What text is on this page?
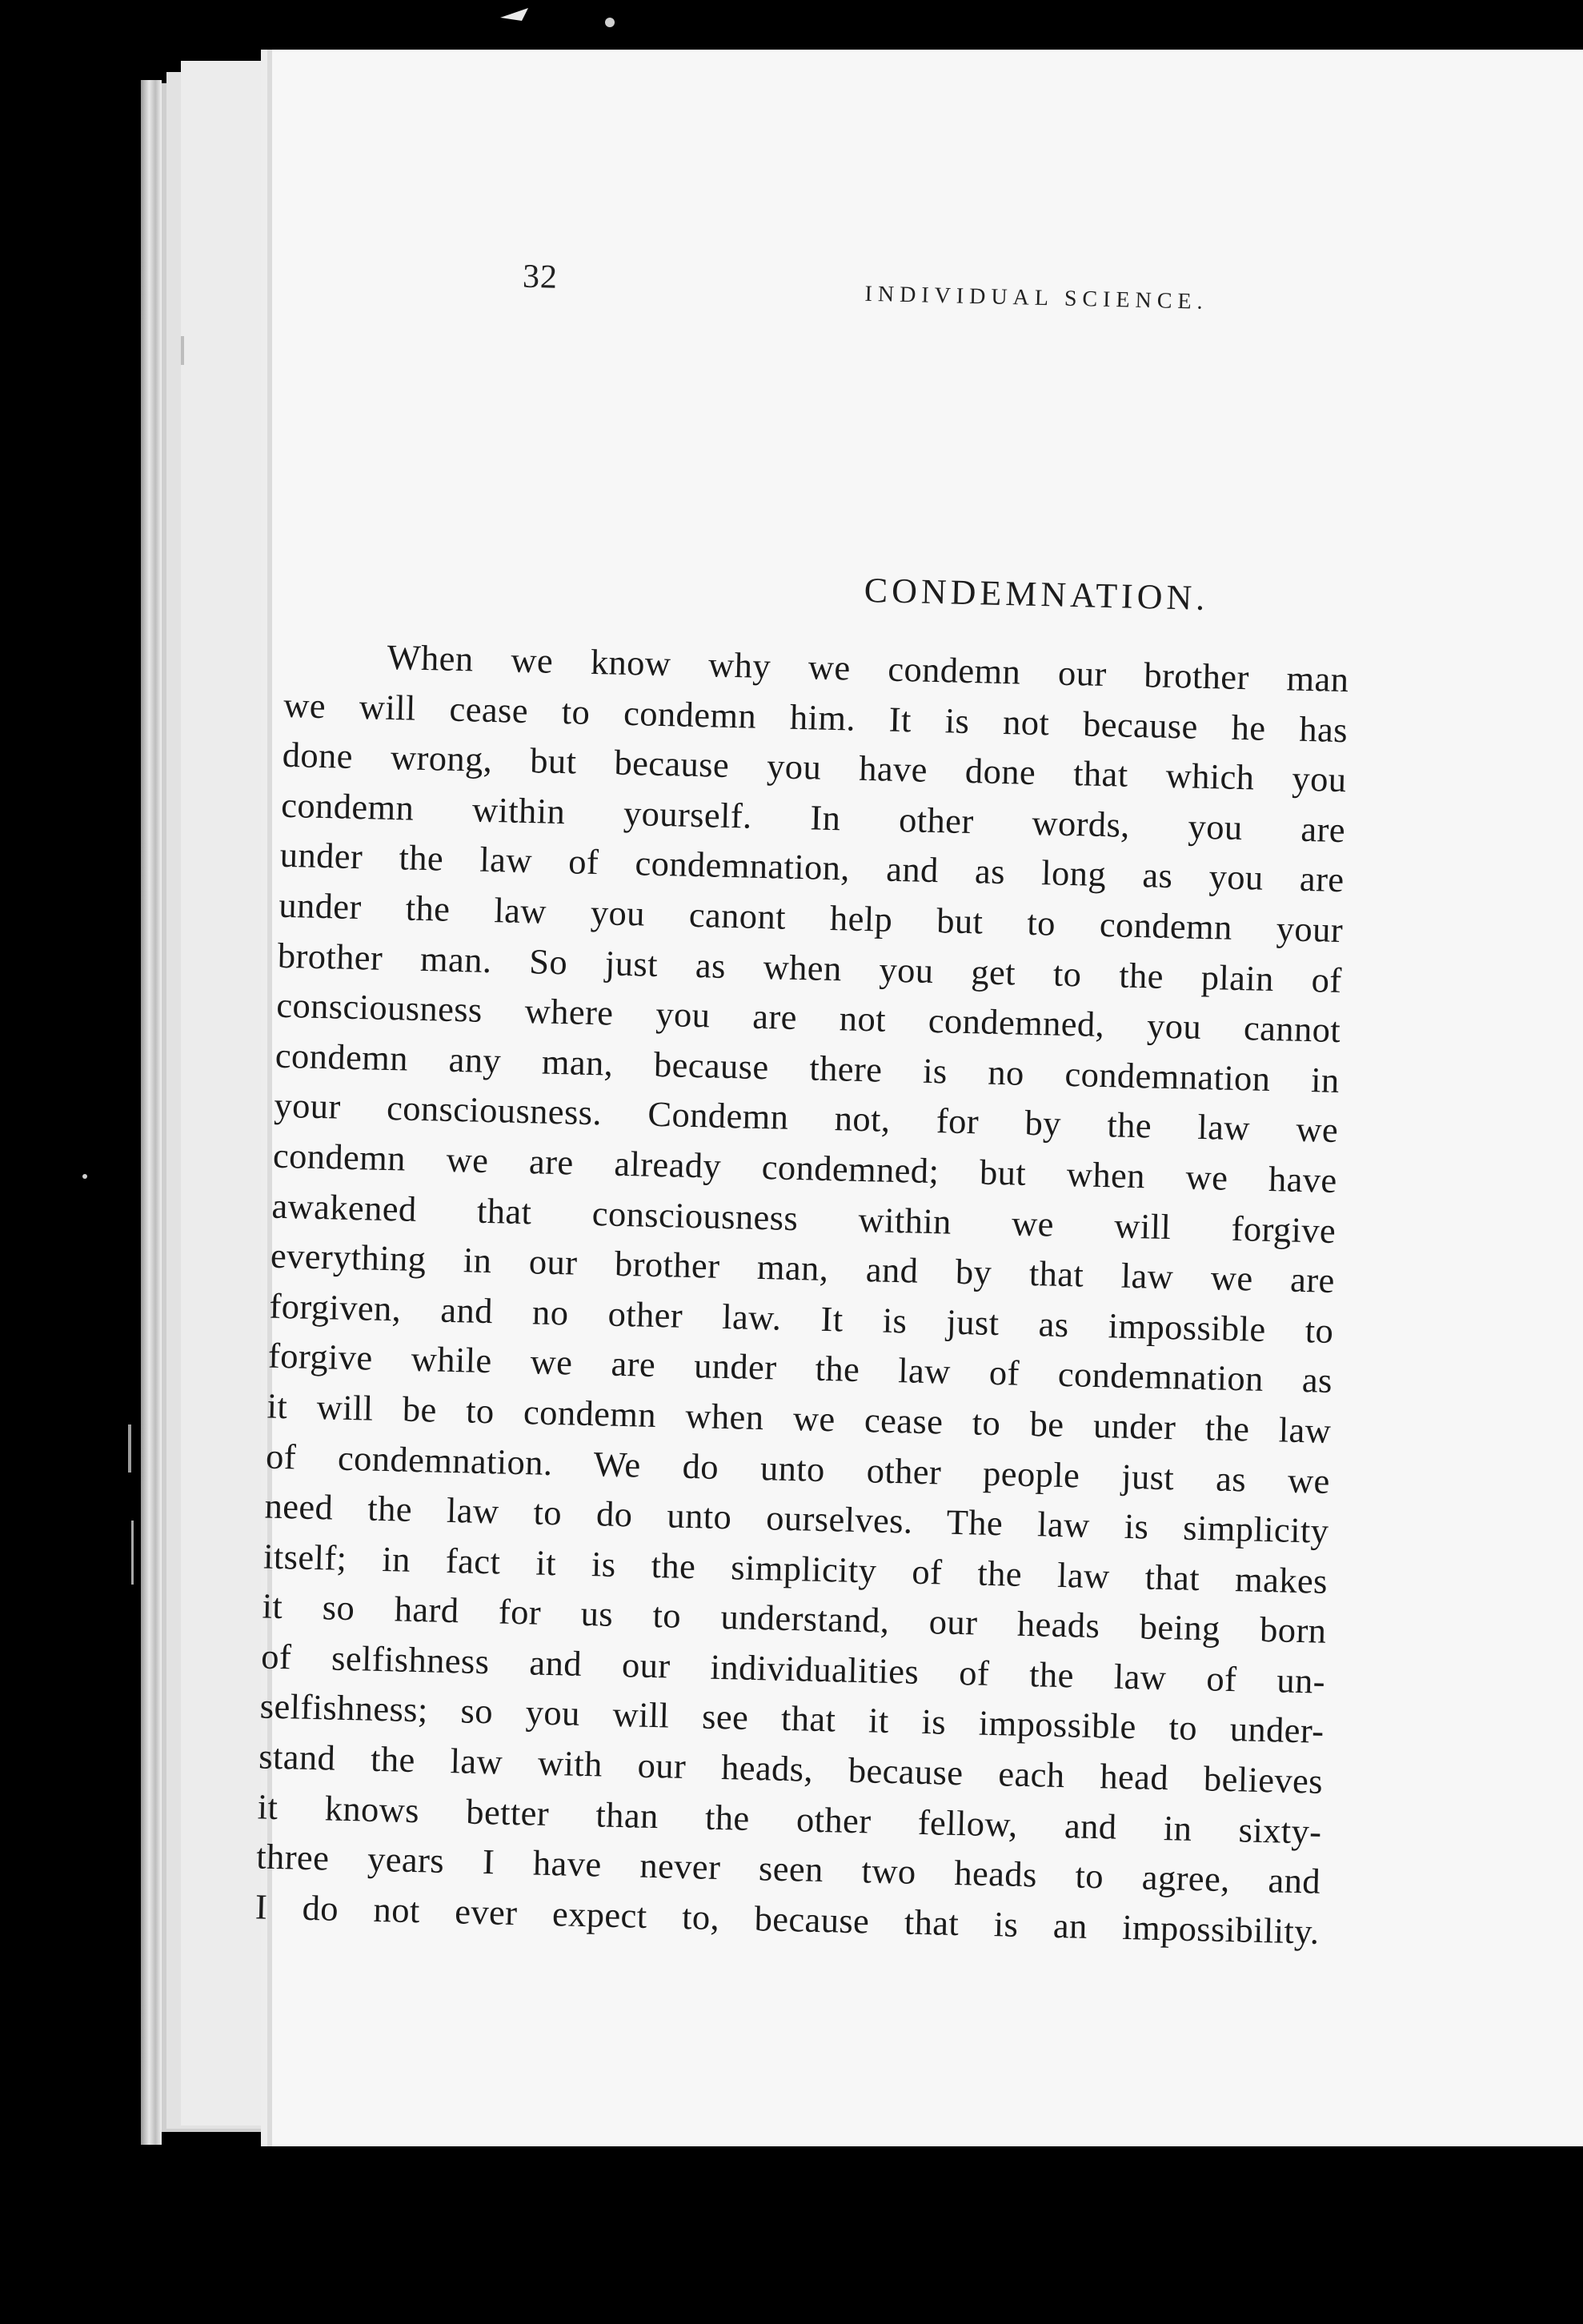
32
INDIVIDUAL SCIENCE.
CONDEMNATION.
When we know why we condemn our brother man
we will cease to condemn him. It is not because he has
done wrong, but because you have done that which you
condemn within yourself. In other words, you are
under the law of condemnation, and as long as you are
under the law you canont help but to condemn your
brother man. So just as when you get to the plain of
consciousness where you are not condemned, you cannot
condemn any man, because there is no condemnation in
your consciousness. Condemn not, for by the law we
condemn we are already condemned; but when we have
awakened that consciousness within we will forgive
everything in our brother man, and by that law we are
forgiven, and no other law. It is just as impossible to
forgive while we are under the law of condemnation as
it will be to condemn when we cease to be under the law
of condemnation. We do unto other people just as we
need the law to do unto ourselves. The law is simplicity
itself; in fact it is the simplicity of the law that makes
it so hard for us to understand, our heads being born
of selfishness and our individualities of the law of un-
selfishness; so you will see that it is impossible to under-
stand the law with our heads, because each head believes
it knows better than the other fellow, and in sixty-
three years I have never seen two heads to agree, and
I do not ever expect to, because that is an impossibility.
